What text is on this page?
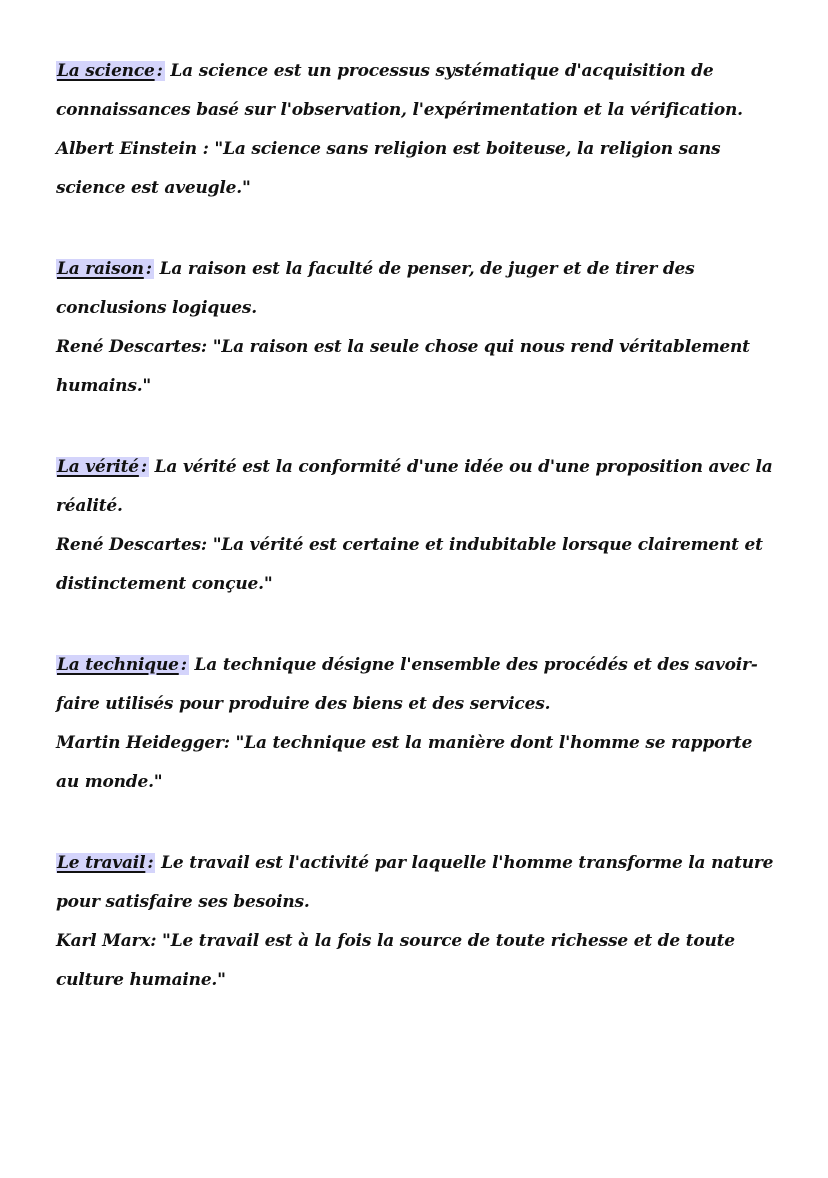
La science : La science est un processus systématique d'acquisition de connaissances basé sur l'observation, l'expérimentation et la vérification.

Albert Einstein : "La science sans religion est boiteuse, la religion sans science est aveugle."

La raison : La raison est la faculté de penser, de juger et de tirer des conclusions logiques.

René Descartes: "La raison est la seule chose qui nous rend véritablement humains."

La vérité : La vérité est la conformité d'une idée ou d'une proposition avec la réalité.

René Descartes: "La vérité est certaine et indubitable lorsque clairement et distinctement conçue."

La technique : La technique désigne l'ensemble des procédés et des savoir-faire utilisés pour produire des biens et des services.

Martin Heidegger: "La technique est la manière dont l'homme se rapporte au monde."

Le travail : Le travail est l'activité par laquelle l'homme transforme la nature pour satisfaire ses besoins.

Karl Marx: "Le travail est à la fois la source de toute richesse et de toute culture humaine."
